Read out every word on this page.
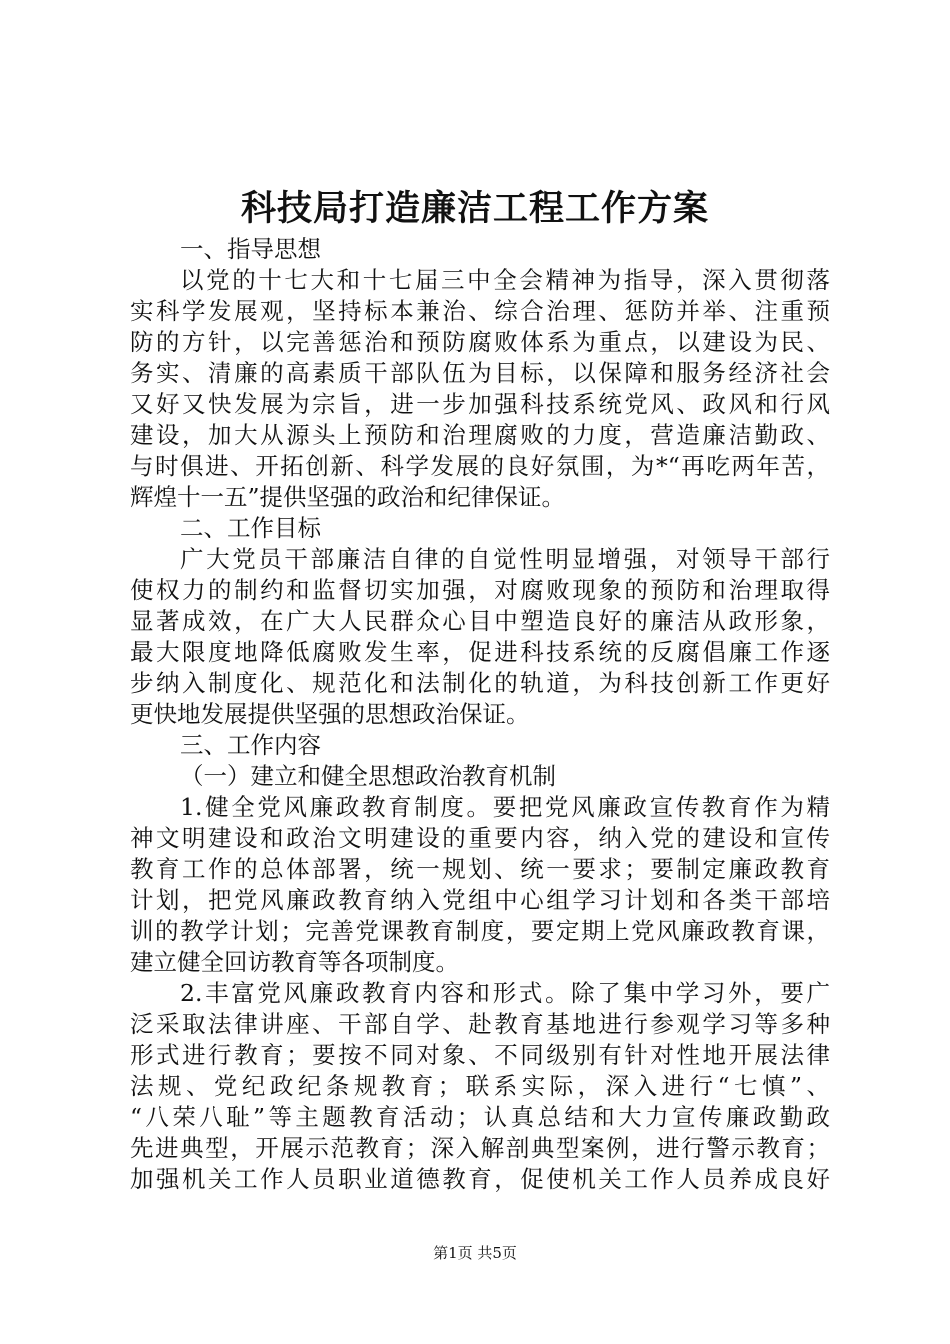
科技局打造廉洁工程工作方案
一、指导思想
以党的十七大和十七届三中全会精神为指导，深入贯彻落
实科学发展观，坚持标本兼治、综合治理、惩防并举、注重预
防的方针，以完善惩治和预防腐败体系为重点，以建设为民、
务实、清廉的高素质干部队伍为目标，以保障和服务经济社会
又好又快发展为宗旨，进一步加强科技系统党风、政风和行风
建设，加大从源头上预防和治理腐败的力度，营造廉洁勤政、
与时俱进、开拓创新、科学发展的良好氛围，为*“再吃两年苦，
辉煌十一五”提供坚强的政治和纪律保证。
二、工作目标
广大党员干部廉洁自律的自觉性明显增强，对领导干部行
使权力的制约和监督切实加强，对腐败现象的预防和治理取得
显著成效，在广大人民群众心目中塑造良好的廉洁从政形象，
最大限度地降低腐败发生率，促进科技系统的反腐倡廉工作逐
步纳入制度化、规范化和法制化的轨道，为科技创新工作更好
更快地发展提供坚强的思想政治保证。
三、工作内容
（一）建立和健全思想政治教育机制
1.健全党风廉政教育制度。要把党风廉政宣传教育作为精
神文明建设和政治文明建设的重要内容，纳入党的建设和宣传
教育工作的总体部署，统一规划、统一要求；要制定廉政教育
计划，把党风廉政教育纳入党组中心组学习计划和各类干部培
训的教学计划；完善党课教育制度，要定期上党风廉政教育课，
建立健全回访教育等各项制度。
2.丰富党风廉政教育内容和形式。除了集中学习外，要广
泛采取法律讲座、干部自学、赴教育基地进行参观学习等多种
形式进行教育；要按不同对象、不同级别有针对性地开展法律
法规、党纪政纪条规教育；联系实际，深入进行“七慎”、
“八荣八耻”等主题教育活动；认真总结和大力宣传廉政勤政
先进典型，开展示范教育；深入解剖典型案例，进行警示教育；
加强机关工作人员职业道德教育，促使机关工作人员养成良好
第1页 共5页
